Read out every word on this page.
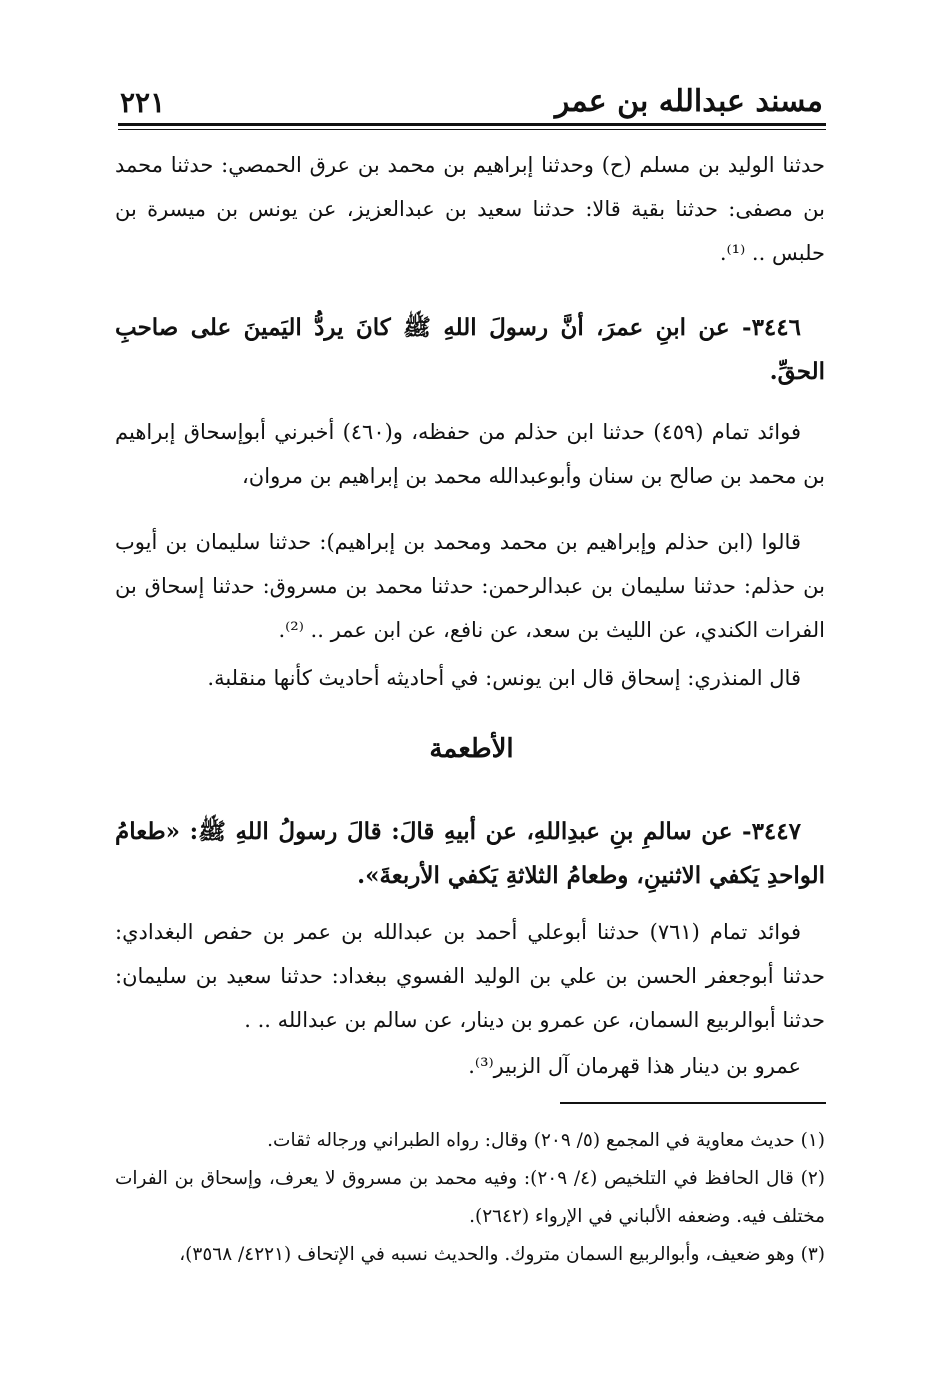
مسند عبدالله بن عمر
٢٢١
حدثنا الوليد بن مسلم (ح) وحدثنا إبراهيم بن محمد بن عرق الحمصي: حدثنا محمد بن مصفى: حدثنا بقية قالا: حدثنا سعيد بن عبدالعزيز، عن يونس بن ميسرة بن حلبس .. ⁽¹⁾.
٣٤٤٦- عن ابنِ عمرَ، أنَّ رسولَ اللهِ ﷺ كانَ يردُّ اليَمينَ على صاحبِ الحقِّ.
فوائد تمام (٤٥٩) حدثنا ابن حذلم من حفظه، و(٤٦٠) أخبرني أبوإسحاق إبراهيم بن محمد بن صالح بن سنان وأبوعبدالله محمد بن إبراهيم بن مروان،
قالوا (ابن حذلم وإبراهيم بن محمد ومحمد بن إبراهيم): حدثنا سليمان بن أيوب بن حذلم: حدثنا سليمان بن عبدالرحمن: حدثنا محمد بن مسروق: حدثنا إسحاق بن الفرات الكندي، عن الليث بن سعد، عن نافع، عن ابن عمر .. ⁽²⁾.
قال المنذري: إسحاق قال ابن يونس: في أحاديثه أحاديث كأنها منقلبة.
الأطعمة
٣٤٤٧- عن سالمِ بنِ عبدِاللهِ، عن أبيهِ قالَ: قالَ رسولُ اللهِ ﷺ: «طعامُ الواحدِ يَكفي الاثنينِ، وطعامُ الثلاثةِ يَكفي الأربعةَ».
فوائد تمام (٧٦١) حدثنا أبوعلي أحمد بن عبدالله بن عمر بن حفص البغدادي: حدثنا أبوجعفر الحسن بن علي بن الوليد الفسوي ببغداد: حدثنا سعيد بن سليمان: حدثنا أبوالربيع السمان، عن عمرو بن دينار، عن سالم بن عبدالله .. .
عمرو بن دينار هذا قهرمان آل الزبير⁽³⁾.
(١) حديث معاوية في المجمع (٥/ ٢٠٩) وقال: رواه الطبراني ورجاله ثقات.
(٢) قال الحافظ في التلخيص (٤/ ٢٠٩): وفيه محمد بن مسروق لا يعرف، وإسحاق بن الفرات مختلف فيه. وضعفه الألباني في الإرواء (٢٦٤٢).
(٣) وهو ضعيف، وأبوالربيع السمان متروك. والحديث نسبه في الإتحاف (٤٢٢١/ ٣٥٦٨)،
